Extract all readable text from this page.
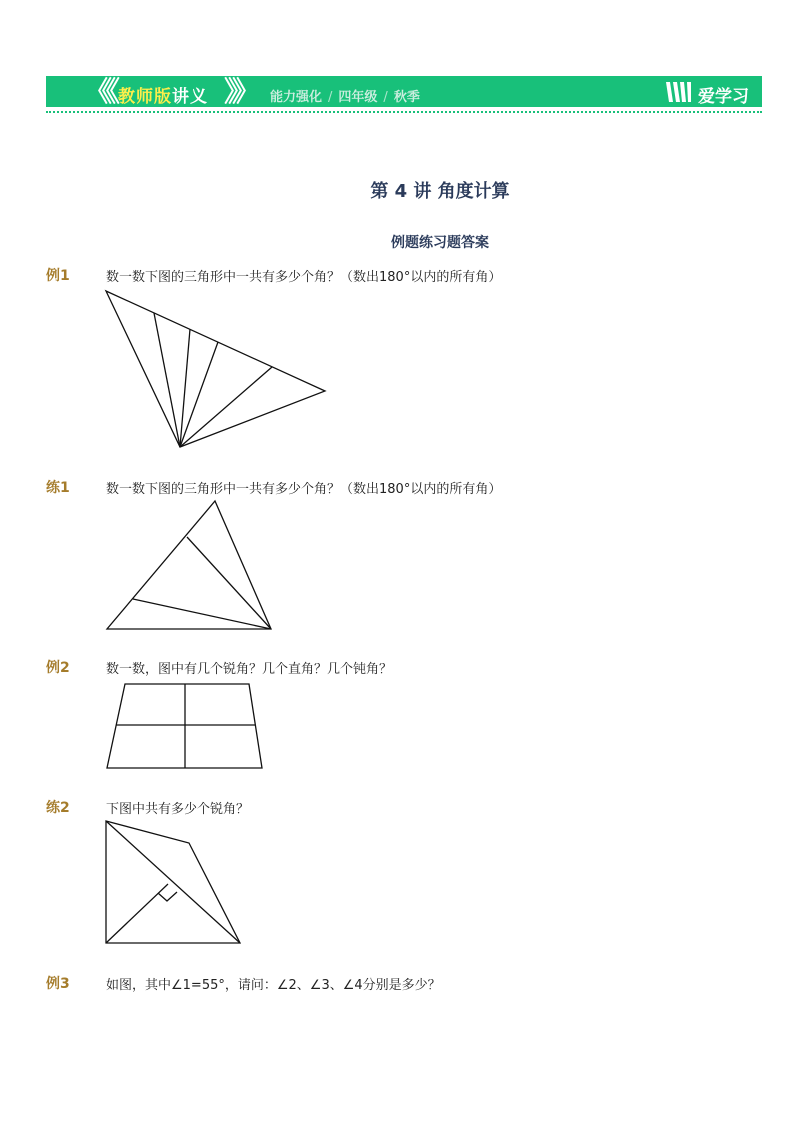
《《 教师版讲义 》》 能力强化 / 四年级 / 秋季	爱学习
第 4 讲 角度计算
例题练习题答案
例1	数一数下图的三角形中一共有多少个角？（数出180°以内的所有角）
练1	数一数下图的三角形中一共有多少个角？（数出180°以内的所有角）
例2	数一数，图中有几个锐角？几个直角？几个钝角？
练2	下图中共有多少个锐角？
例3	如图，其中∠1=55°，请问：∠2、∠3、∠4分别是多少？
